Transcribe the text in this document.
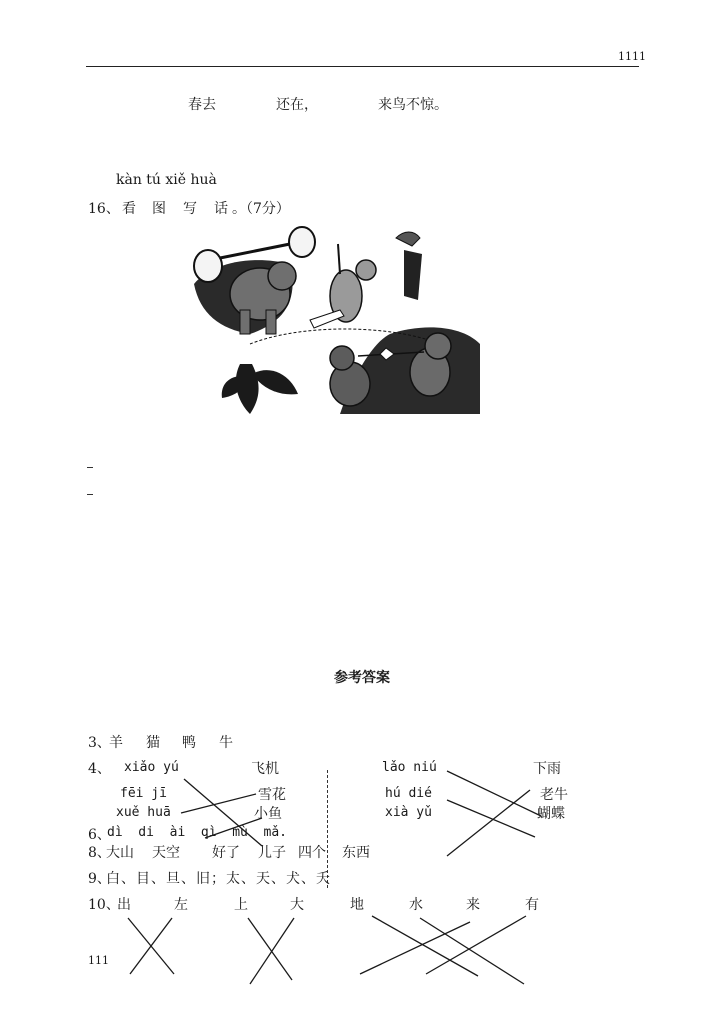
1111
春去	还在，	来鸟不惊。
kàn tú xiě huà
16、 看 图 写 话 。（7分）
参考答案
3、
羊 猫 鸭 牛
4、 xiǎo yú
fēi jī
xuě huā
飞机
雪花
小鱼
lǎo niú
hú dié
xià yǔ
下雨
老牛
蝴蝶
6、
dì  di  ài  qì  mù  mǎ.
8、
大山 天空 好了 儿子 四个 东西
9、
白、目、旦、旧；太、天、犬、夭
10、
出	左	上	大	地	水	来	有
111
